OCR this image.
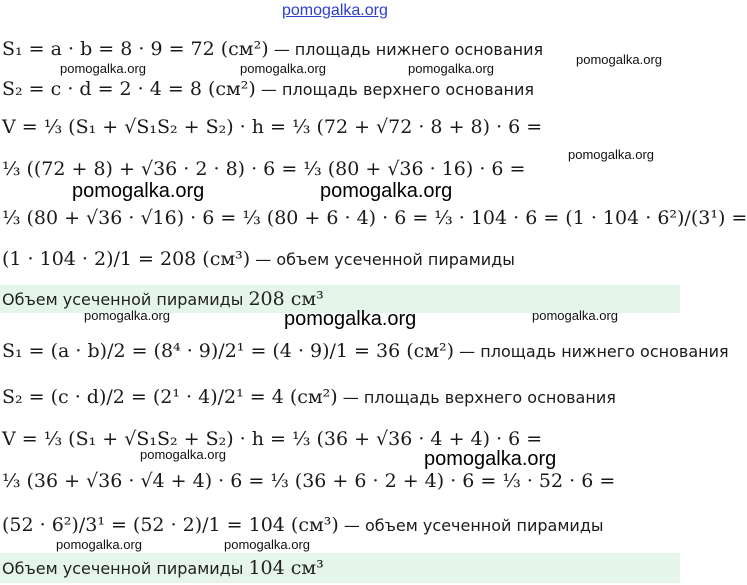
pomogalka.org
S₁ = a · b = 8 · 9 = 72 (см²) — площадь нижнего основания
pomogalka.org
pomogalka.org	pomogalka.org	pomogalka.org
S₂ = c · d = 2 · 4 = 8 (см²) — площадь верхнего основания
V = ⅓ (S₁ + √S₁S₂ + S₂) · h = ⅓ (72 + √72 · 8 + 8) · 6 =
pomogalka.org
⅓ ((72 + 8) + √36 · 2 · 8) · 6 = ⅓ (80 + √36 · 16) · 6 =
pomogalka.org	pomogalka.org
⅓ (80 + √36 · √16) · 6 = ⅓ (80 + 6 · 4) · 6 = ⅓ · 104 · 6 = (1 · 104 · 6²)/(3¹) =
(1 · 104 · 2)/1 = 208 (см³) — объем усеченной пирамиды
Объем усеченной пирамиды 208 см³
pomogalka.org	pomogalka.org	pomogalka.org
S₁ = (a · b)/2 = (8⁴ · 9)/2¹ = (4 · 9)/1 = 36 (см²) — площадь нижнего основания
S₂ = (c · d)/2 = (2¹ · 4)/2¹ = 4 (см²) — площадь верхнего основания
V = ⅓ (S₁ + √S₁S₂ + S₂) · h = ⅓ (36 + √36 · 4 + 4) · 6 =
pomogalka.org	pomogalka.org
⅓ (36 + √36 · √4 + 4) · 6 = ⅓ (36 + 6 · 2 + 4) · 6 = ⅓ · 52 · 6 =
(52 · 6²)/3¹ = (52 · 2)/1 = 104 (см³) — объем усеченной пирамиды
pomogalka.org	pomogalka.org
Объем усеченной пирамиды 104 см³
